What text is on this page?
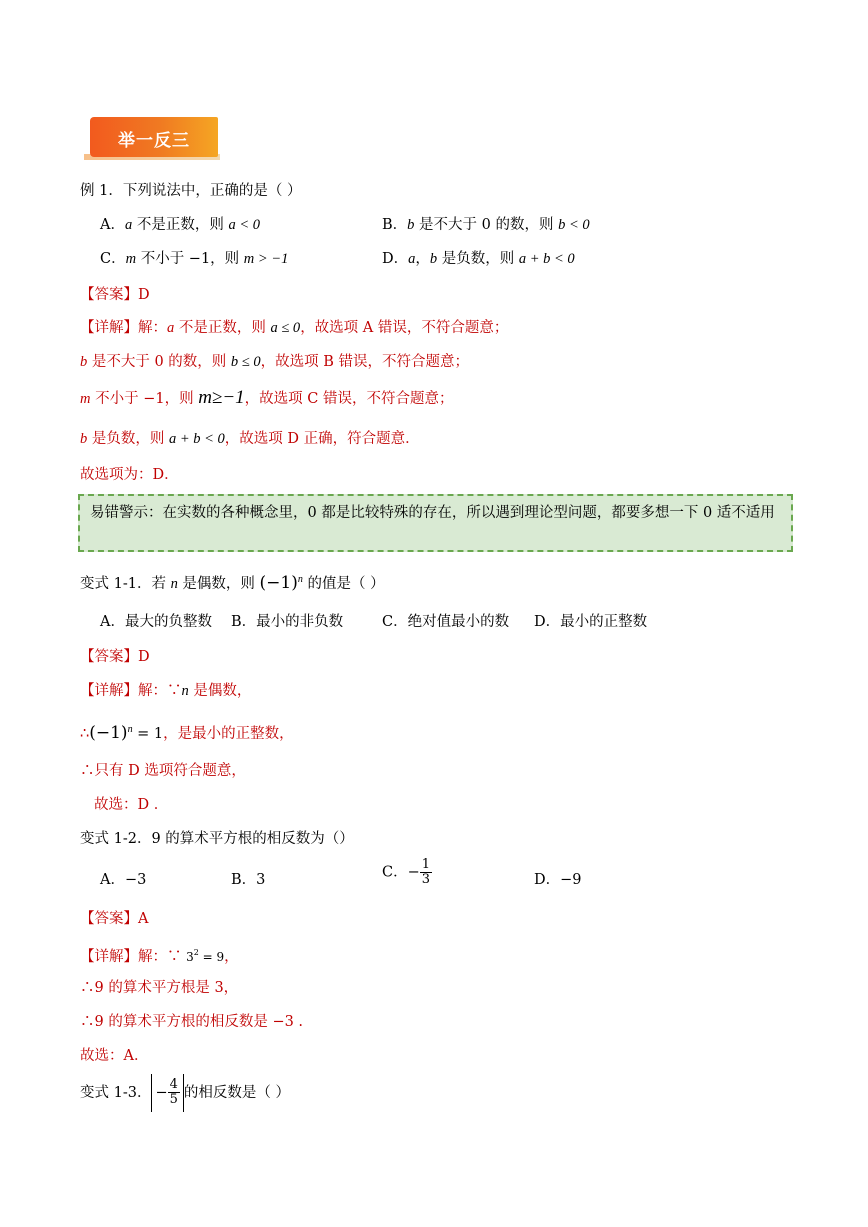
举一反三
例 1．下列说法中，正确的是（ ）
A．a 不是正数，则 a < 0	B．b 是不大于 0 的数，则 b < 0
C．m 不小于 −1，则 m > −1	D．a，b 是负数，则 a + b < 0
【答案】D
【详解】解：a 不是正数，则 a ≤ 0，故选项 A 错误，不符合题意；
b 是不大于 0 的数，则 b ≤ 0，故选项 B 错误，不符合题意；
m 不小于 −1，则 m≥−1，故选项 C 错误，不符合题意；
b 是负数，则 a + b < 0，故选项 D 正确，符合题意．
故选项为：D．
易错警示：在实数的各种概念里，0 都是比较特殊的存在，所以遇到理论型问题，都要多想一下 0 适不适用
变式 1-1．若 n 是偶数，则 $(-1)^n$ 的值是（ ）
A．最大的负整数 B．最小的非负数	C．绝对值最小的数 D．最小的正整数
【答案】D
【详解】解：∵n 是偶数，
$\therefore(-1)^n = 1$，是最小的正整数，
∴只有 D 选项符合题意，
故选：D ．
变式 1-2．9 的算术平方根的相反数为（）
A．−3	B．3	C．− $\frac{1}{3}$	D．−9
【答案】A
【详解】解：∵ $3^2 = 9$，
∴9 的算术平方根是 3，
∴9 的算术平方根的相反数是 −3 .
故选：A．
变式 1-3． − $\frac{4}{5}$ 的相反数是（ ）
